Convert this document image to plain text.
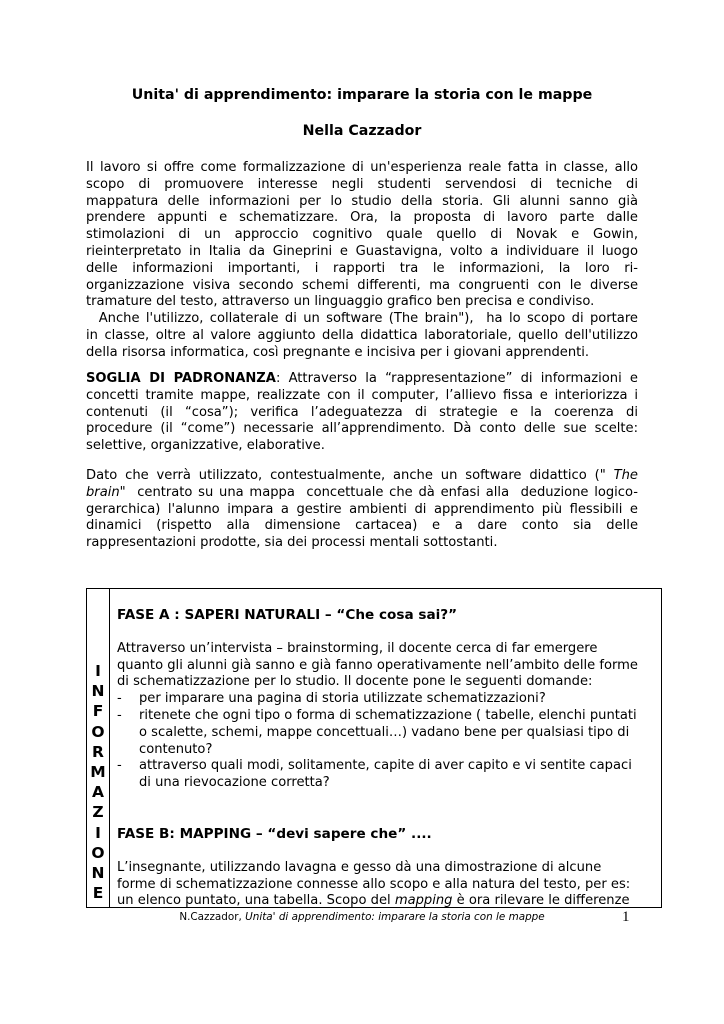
Unita' di apprendimento: imparare la storia con le mappe
Nella Cazzador
Il lavoro si offre come formalizzazione di un'esperienza reale fatta in classe, allo
scopo di promuovere interesse negli studenti servendosi di tecniche di
mappatura delle informazioni per lo studio della storia. Gli alunni sanno già
prendere appunti e schematizzare. Ora, la proposta di lavoro parte dalle
stimolazioni di un approccio cognitivo quale quello di Novak e Gowin,
rieinterpretato in Italia da Gineprini e Guastavigna, volto a individuare il luogo
delle informazioni importanti, i rapporti tra le informazioni, la loro ri-
organizzazione visiva secondo schemi differenti, ma congruenti con le diverse
tramature del testo, attraverso un linguaggio grafico ben precisa e condiviso.
Anche l'utilizzo, collaterale di un software (The brain"),  ha lo scopo di portare
in classe, oltre al valore aggiunto della didattica laboratoriale, quello dell'utilizzo
della risorsa informatica, così pregnante e incisiva per i giovani apprendenti.
SOGLIA DI PADRONANZA: Attraverso la “rappresentazione” di informazioni e
concetti tramite mappe, realizzate con il computer, l’allievo fissa e interiorizza i
contenuti (il “cosa”); verifica l’adeguatezza di strategie e la coerenza di
procedure (il “come”) necessarie all’apprendimento. Dà conto delle sue scelte:
selettive, organizzative, elaborative.
Dato che verrà utilizzato, contestualmente, anche un software didattico (" The
brain"  centrato su una mappa  concettuale che dà enfasi alla  deduzione logico-
gerarchica) l'alunno impara a gestire ambienti di apprendimento più flessibili e
dinamici (rispetto alla dimensione cartacea) e a dare conto sia delle
rappresentazioni prodotte, sia dei processi mentali sottostanti.
I
N
F
O
R
M
A
Z
I
O
N
E
FASE A : SAPERI NATURALI – “Che cosa sai?”
Attraverso un’intervista – brainstorming, il docente cerca di far emergere
quanto gli alunni già sanno e già fanno operativamente nell’ambito delle forme
di schematizzazione per lo studio. Il docente pone le seguenti domande:
- per imparare una pagina di storia utilizzate schematizzazioni?
- ritenete che ogni tipo o forma di schematizzazione ( tabelle, elenchi puntati o scalette, schemi, mappe concettuali…) vadano bene per qualsiasi tipo di contenuto?
- attraverso quali modi, solitamente, capite di aver capito e vi sentite capaci di una rievocazione corretta?
FASE B: MAPPING – “devi sapere che” ....
L’insegnante, utilizzando lavagna e gesso dà una dimostrazione di alcune
forme di schematizzazione connesse allo scopo e alla natura del testo, per es:
un elenco puntato, una tabella. Scopo del mapping è ora rilevare le differenze
N.Cazzador, Unita' di apprendimento: imparare la storia con le mappe	1
